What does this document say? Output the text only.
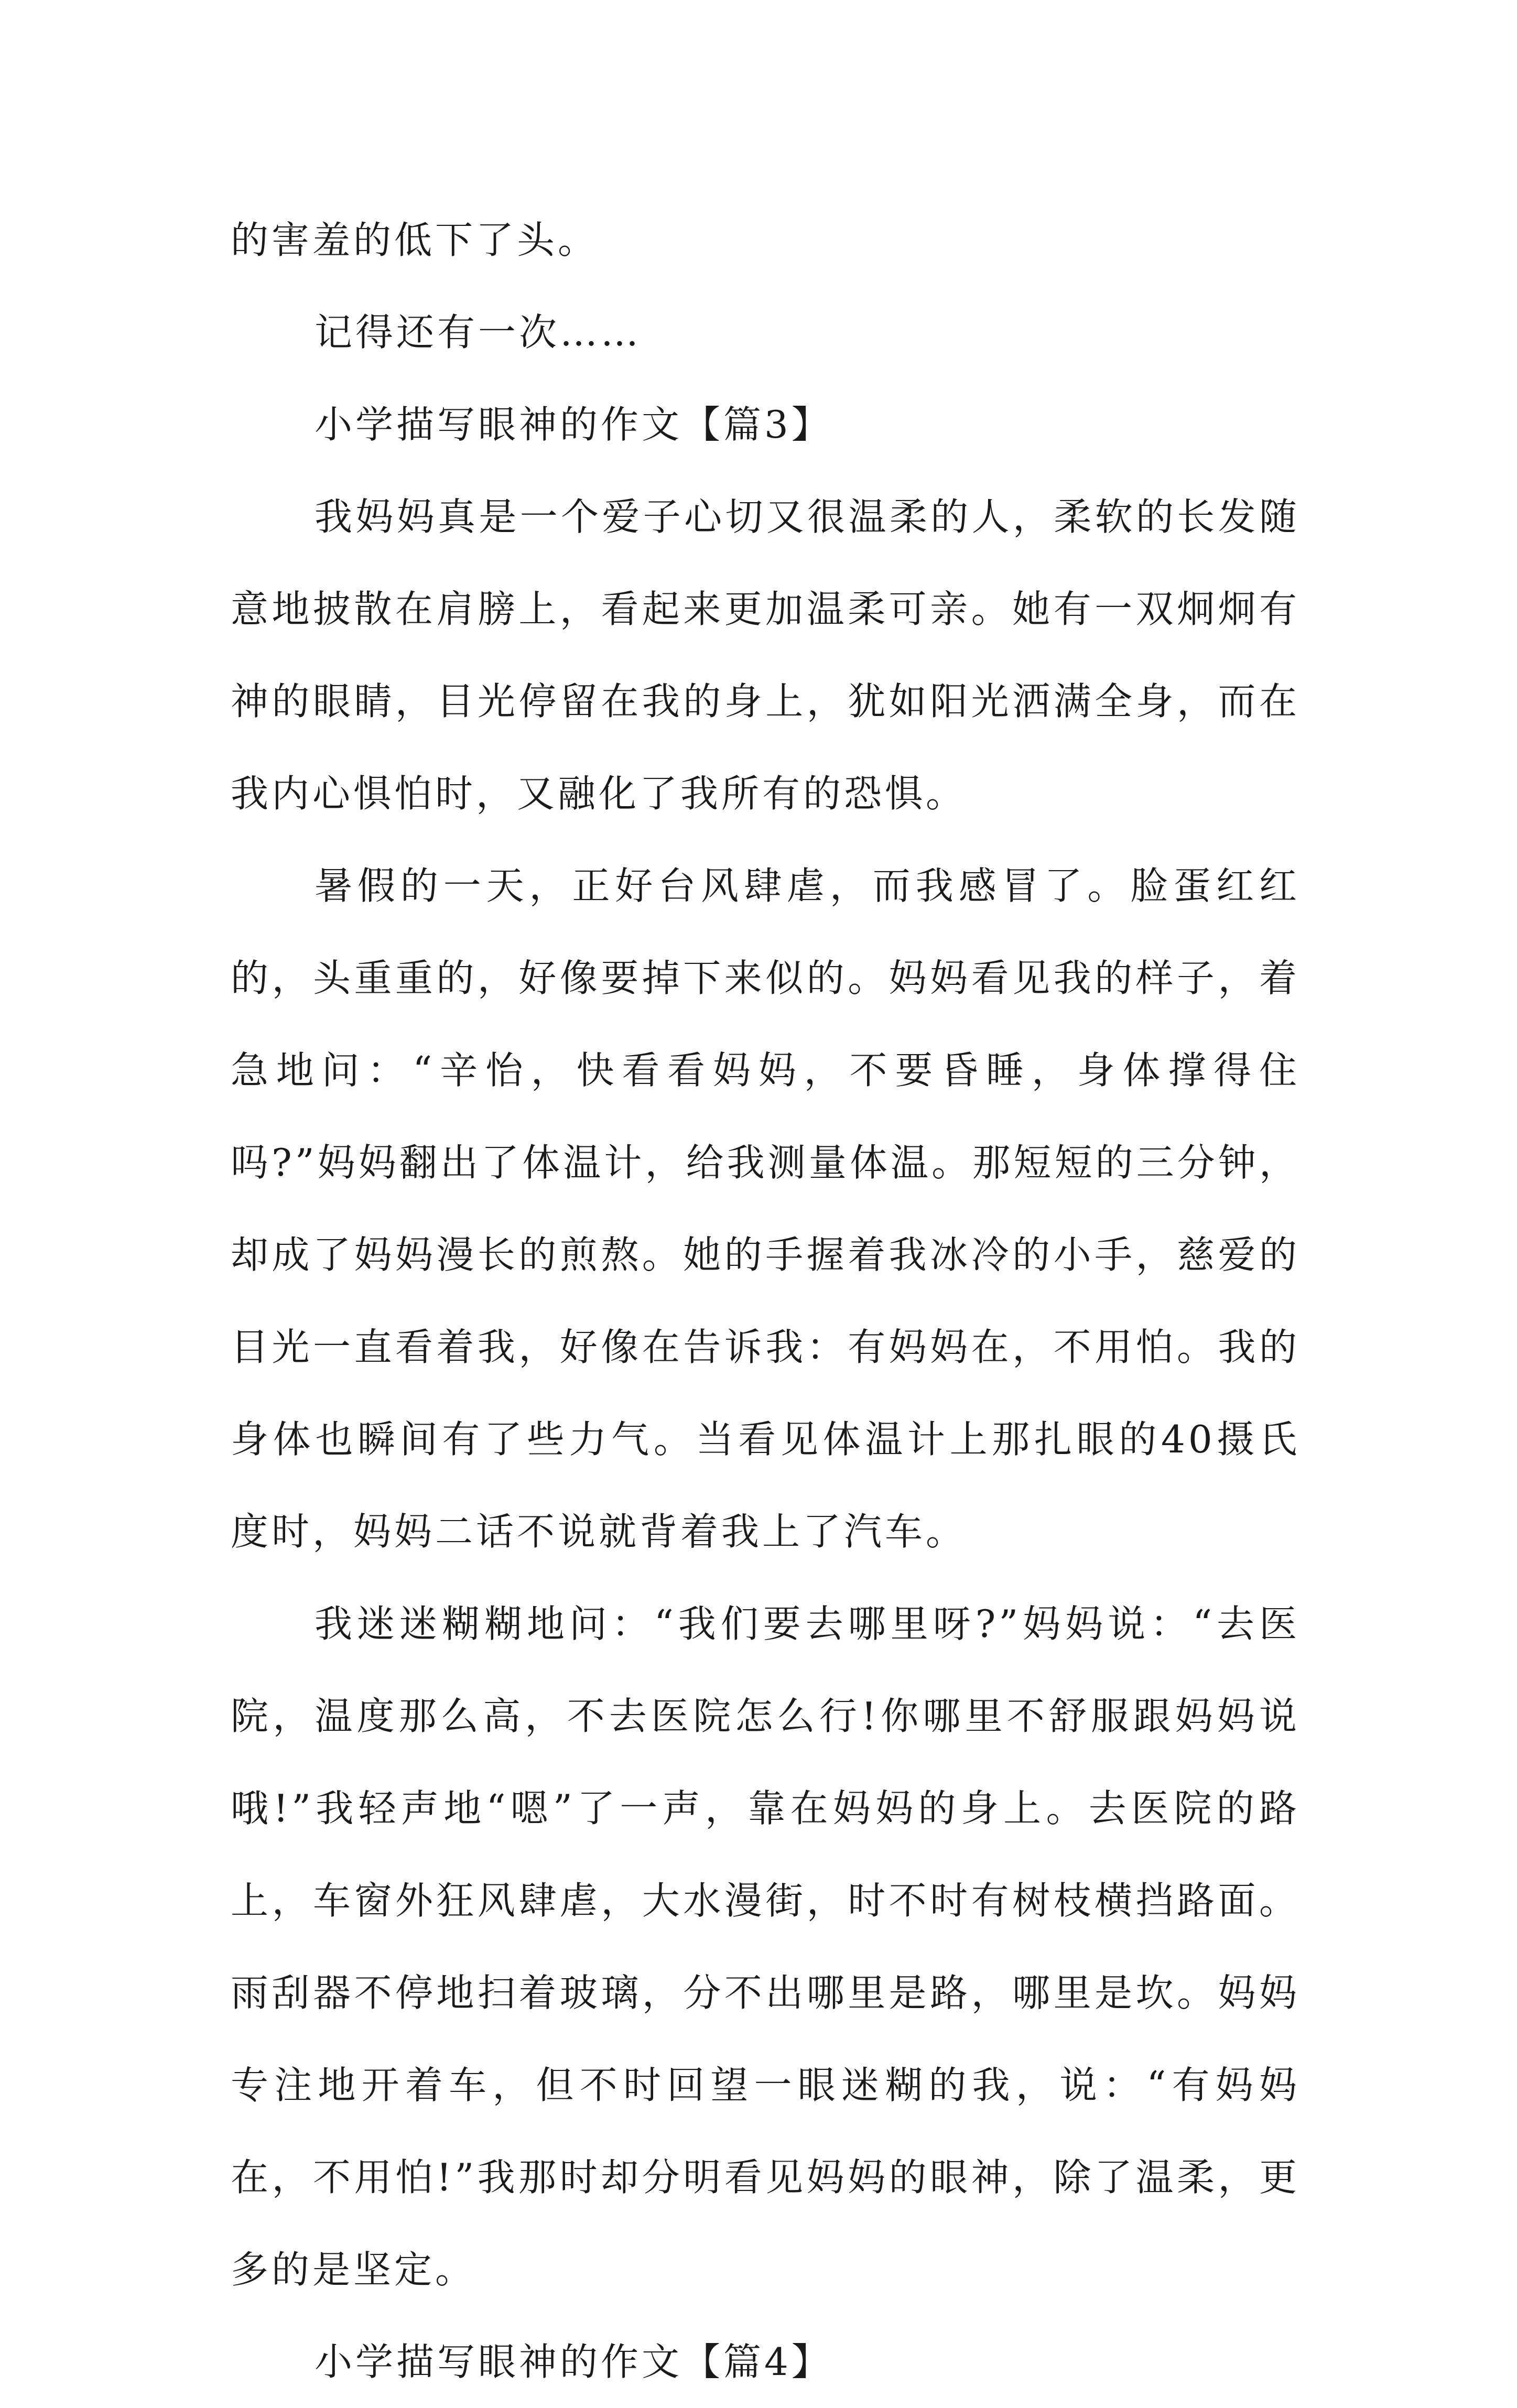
的害羞的低下了头。

记得还有一次……

小学描写眼神的作文【篇3】

我妈妈真是一个爱子心切又很温柔的人，柔软的长发随意地披散在肩膀上，看起来更加温柔可亲。她有一双炯炯有神的眼睛，目光停留在我的身上，犹如阳光洒满全身，而在我内心惧怕时，又融化了我所有的恐惧。

暑假的一天，正好台风肆虐，而我感冒了。脸蛋红红的，头重重的，好像要掉下来似的。妈妈看见我的样子，着急地问：“辛怡，快看看妈妈，不要昏睡，身体撑得住吗?”妈妈翻出了体温计，给我测量体温。那短短的三分钟，却成了妈妈漫长的煎熬。她的手握着我冰冷的小手，慈爱的目光一直看着我，好像在告诉我：有妈妈在，不用怕。我的身体也瞬间有了些力气。当看见体温计上那扎眼的40摄氏度时，妈妈二话不说就背着我上了汽车。

我迷迷糊糊地问：“我们要去哪里呀?”妈妈说：“去医院，温度那么高，不去医院怎么行!你哪里不舒服跟妈妈说哦!”我轻声地“嗯”了一声，靠在妈妈的身上。去医院的路上，车窗外狂风肆虐，大水漫街，时不时有树枝横挡路面。雨刮器不停地扫着玻璃，分不出哪里是路，哪里是坎。妈妈专注地开着车，但不时回望一眼迷糊的我，说：“有妈妈在，不用怕!”我那时却分明看见妈妈的眼神，除了温柔，更多的是坚定。

小学描写眼神的作文【篇4】
